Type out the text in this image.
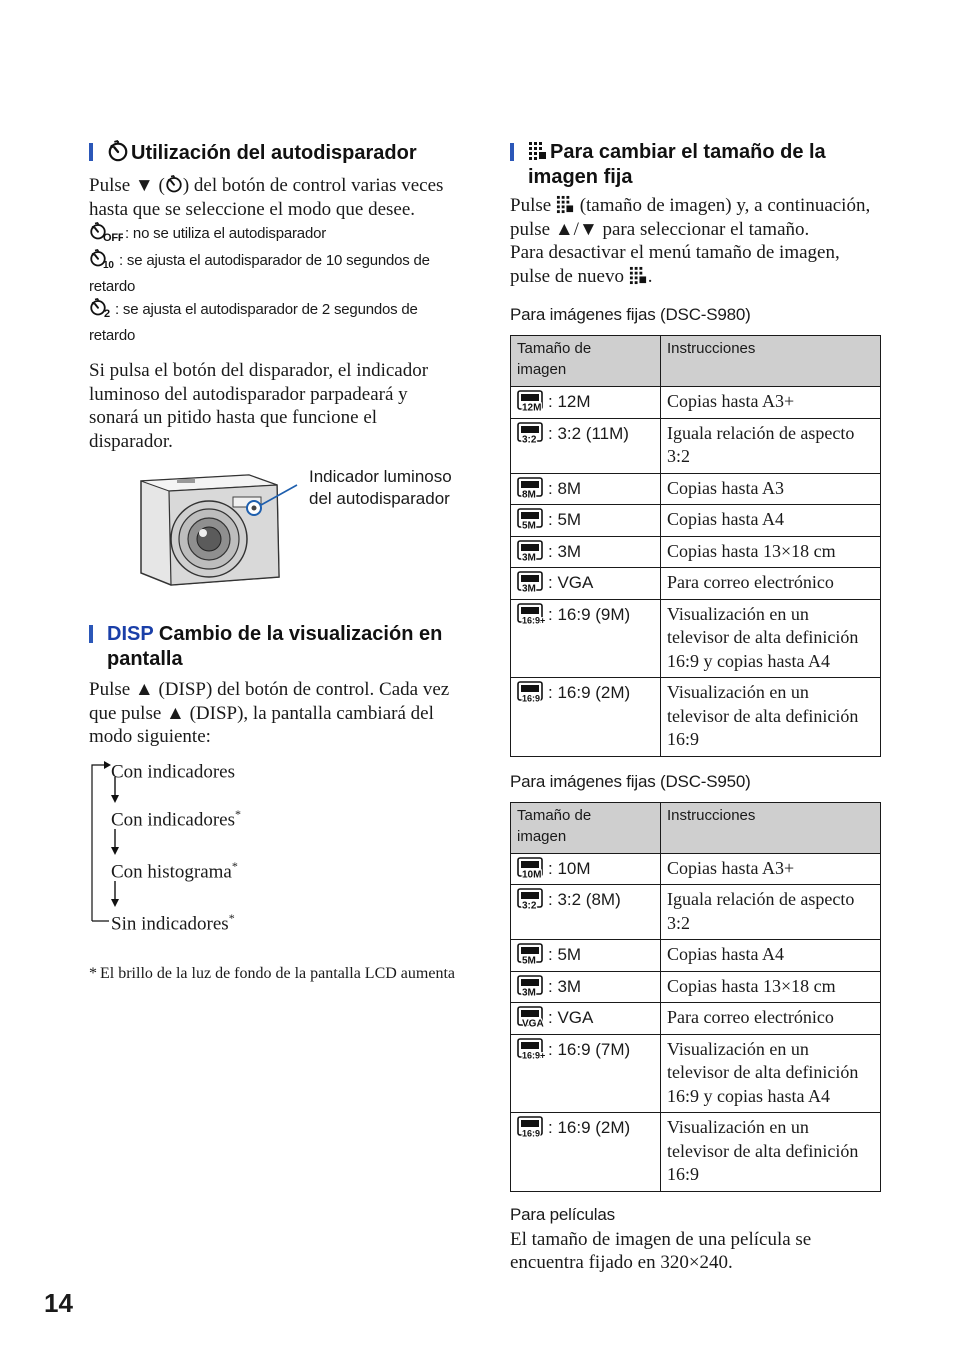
Utilización del autodisparador
Pulse ▼ ( ) del botón de control varias veces hasta que se seleccione el modo que desee.
OFF : no se utiliza el autodisparador
10 : se ajusta el autodisparador de 10 segundos de retardo
2 : se ajusta el autodisparador de 2 segundos de retardo
Si pulsa el botón del disparador, el indicador luminoso del autodisparador parpadeará y sonará un pitido hasta que funcione el disparador.
Indicador luminoso del autodisparador
DISP Cambio de la visualización en pantalla
Pulse ▲ (DISP) del botón de control. Cada vez que pulse ▲ (DISP), la pantalla cambiará del modo siguiente:
Con indicadores
Con indicadores*
Con histograma*
Sin indicadores*
* El brillo de la luz de fondo de la pantalla LCD aumenta
Para cambiar el tamaño de la imagen fija
Pulse (tamaño de imagen) y, a continuación, pulse ▲/▼ para seleccionar el tamaño.
Para desactivar el menú tamaño de imagen, pulse de nuevo .
Para imágenes fijas (DSC-S980)
Tamaño de imagen	Instrucciones

12M : 12M	Copias hasta A3+

3:2 : 3:2 (11M)	Iguala relación de aspecto 3:2

8M : 8M	Copias hasta A3

5M : 5M	Copias hasta A4

3M : 3M	Copias hasta 13×18 cm

3M : VGA	Para correo electrónico

16:9+ : 16:9 (9M)	Visualización en un televisor de alta definición 16:9 y copias hasta A4

16:9 : 16:9 (2M)	Visualización en un televisor de alta definición 16:9
Para imágenes fijas (DSC-S950)
Tamaño de imagen	Instrucciones

10M : 10M	Copias hasta A3+

3:2 : 3:2 (8M)	Iguala relación de aspecto 3:2

5M : 5M	Copias hasta A4

3M : 3M	Copias hasta 13×18 cm

VGA : VGA	Para correo electrónico

16:9+ : 16:9 (7M)	Visualización en un televisor de alta definición 16:9 y copias hasta A4

16:9 : 16:9 (2M)	Visualización en un televisor de alta definición 16:9
Para películas
El tamaño de imagen de una película se encuentra fijado en 320×240.
14
